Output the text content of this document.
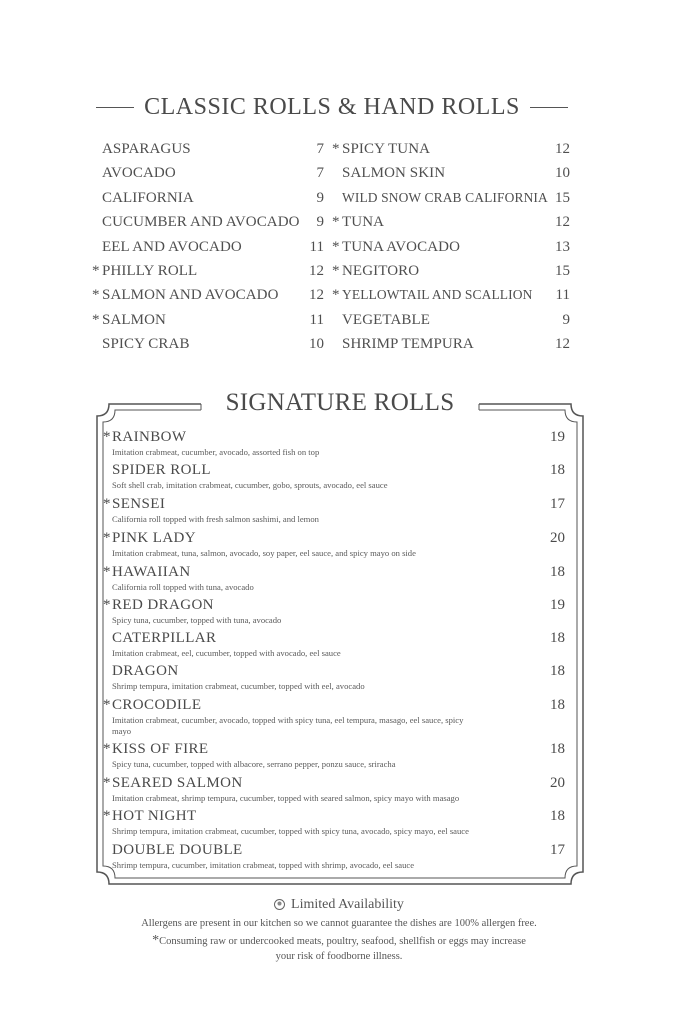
CLASSIC ROLLS & HAND ROLLS
ASPARAGUS	7
AVOCADO	7
CALIFORNIA	9
CUCUMBER AND AVOCADO	9
EEL AND AVOCADO	11
* PHILLY ROLL	12
* SALMON AND AVOCADO	12
* SALMON	11
SPICY CRAB	10
* SPICY TUNA	12
SALMON SKIN	10
WILD SNOW CRAB CALIFORNIA 15
* TUNA	12
* TUNA AVOCADO	13
* NEGITORO	15
* YELLOWTAIL AND SCALLION	11
VEGETABLE	9
SHRIMP TEMPURA	12
SIGNATURE ROLLS
* RAINBOW	19
Imitation crabmeat, cucumber, avocado, assorted fish on top
SPIDER ROLL	18
Soft shell crab, imitation crabmeat, cucumber, gobo, sprouts, avocado, eel sauce
* SENSEI	17
California roll topped with fresh salmon sashimi, and lemon
* PINK LADY	20
Imitation crabmeat, tuna, salmon, avocado, soy paper, eel sauce, and spicy mayo on side
* HAWAIIAN	18
California roll topped with tuna, avocado
* RED DRAGON	19
Spicy tuna, cucumber, topped with tuna, avocado
CATERPILLAR	18
Imitation crabmeat, eel, cucumber, topped with avocado, eel sauce
DRAGON	18
Shrimp tempura, imitation crabmeat, cucumber, topped with eel, avocado
* CROCODILE	18
Imitation crabmeat, cucumber, avocado, topped with spicy tuna, eel tempura, masago, eel sauce, spicy mayo
* KISS OF FIRE	18
Spicy tuna, cucumber, topped with albacore, serrano pepper, ponzu sauce, sriracha
* SEARED SALMON	20
Imitation crabmeat, shrimp tempura, cucumber, topped with seared salmon, spicy mayo with masago
* HOT NIGHT	18
Shrimp tempura, imitation crabmeat, cucumber, topped with spicy tuna, avocado, spicy mayo, eel sauce
DOUBLE DOUBLE	17
Shrimp tempura, cucumber, imitation crabmeat, topped with shrimp, avocado, eel sauce
Limited Availability
Allergens are present in our kitchen so we cannot guarantee the dishes are 100% allergen free.
*Consuming raw or undercooked meats, poultry, seafood, shellfish or eggs may increase
your risk of foodborne illness.
